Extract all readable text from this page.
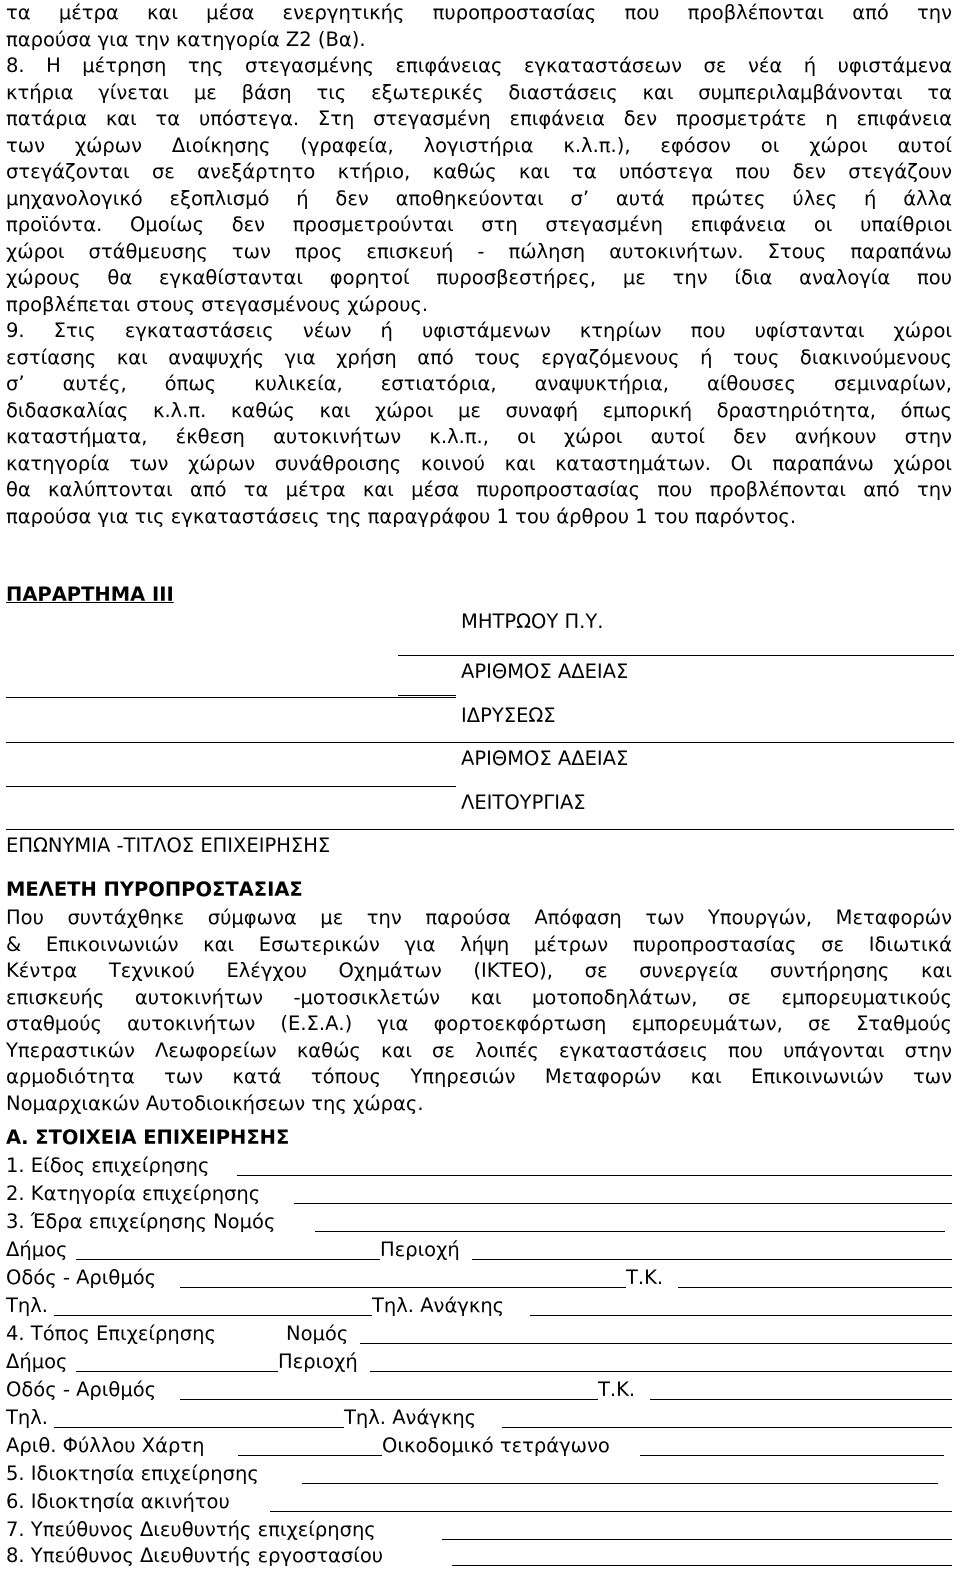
τα μέτρα και μέσα ενεργητικής πυροπροστασίας που προβλέπονται από την
παρούσα για την κατηγορία Ζ2 (Βα).
8. Η μέτρηση της στεγασμένης επιφάνειας εγκαταστάσεων σε νέα ή υφιστάμενα
κτήρια γίνεται με βάση τις εξωτερικές διαστάσεις και συμπεριλαμβάνονται τα
πατάρια και τα υπόστεγα. Στη στεγασμένη επιφάνεια δεν προσμετράτε η επιφάνεια
των χώρων Διοίκησης (γραφεία, λογιστήρια κ.λ.π.), εφόσον οι χώροι αυτοί
στεγάζονται σε ανεξάρτητο κτήριο, καθώς και τα υπόστεγα που δεν στεγάζουν
μηχανολογικό εξοπλισμό ή δεν αποθηκεύονται σ’ αυτά πρώτες ύλες ή άλλα
προϊόντα. Ομοίως δεν προσμετρούνται στη στεγασμένη επιφάνεια οι υπαίθριοι
χώροι στάθμευσης των προς επισκευή - πώληση αυτοκινήτων. Στους παραπάνω
χώρους θα εγκαθίστανται φορητοί πυροσβεστήρες, με την ίδια αναλογία που
προβλέπεται στους στεγασμένους χώρους.
9. Στις εγκαταστάσεις νέων ή υφιστάμενων κτηρίων που υφίστανται χώροι
εστίασης και αναψυχής για χρήση από τους εργαζόμενους ή τους διακινούμενους
σ’ αυτές, όπως κυλικεία, εστιατόρια, αναψυκτήρια, αίθουσες σεμιναρίων,
διδασκαλίας κ.λ.π. καθώς και χώροι με συναφή εμπορική δραστηριότητα, όπως
καταστήματα, έκθεση αυτοκινήτων κ.λ.π., οι χώροι αυτοί δεν ανήκουν στην
κατηγορία των χώρων συνάθροισης κοινού και καταστημάτων. Οι παραπάνω χώροι
θα καλύπτονται από τα μέτρα και μέσα πυροπροστασίας που προβλέπονται από την
παρούσα για τις εγκαταστάσεις της παραγράφου 1 του άρθρου 1 του παρόντος.
ΠΑΡΑΡΤΗΜΑ ΙΙΙ
ΜΗΤΡΩΟΥ Π.Υ.
ΑΡΙΘΜΟΣ ΑΔΕΙΑΣ
ΙΔΡΥΣΕΩΣ
ΑΡΙΘΜΟΣ ΑΔΕΙΑΣ
ΛΕΙΤΟΥΡΓΙΑΣ
ΕΠΩΝΥΜΙΑ -ΤΙΤΛΟΣ ΕΠΙΧΕΙΡΗΣΗΣ
ΜΕΛΕΤΗ ΠΥΡΟΠΡΟΣΤΑΣΙΑΣ
Που συντάχθηκε σύμφωνα με την παρούσα Απόφαση των Υπουργών, Μεταφορών
& Επικοινωνιών και Εσωτερικών για λήψη μέτρων πυροπροστασίας σε Ιδιωτικά
Κέντρα Τεχνικού Ελέγχου Οχημάτων (ΙΚΤΕΟ), σε συνεργεία συντήρησης και
επισκευής αυτοκινήτων -μοτοσικλετών και μοτοποδηλάτων, σε εμπορευματικούς
σταθμούς αυτοκινήτων (Ε.Σ.Α.) για φορτοεκφόρτωση εμπορευμάτων, σε Σταθμούς
Υπεραστικών Λεωφορείων καθώς και σε λοιπές εγκαταστάσεις που υπάγονται στην
αρμοδιότητα των κατά τόπους Υπηρεσιών Μεταφορών και Επικοινωνιών των
Νομαρχιακών Αυτοδιοικήσεων της χώρας.
Α. ΣΤΟΙΧΕΙΑ ΕΠΙΧΕΙΡΗΣΗΣ
1. Είδος επιχείρησης
2. Κατηγορία επιχείρησης
3. Έδρα επιχείρησης Νομός
Δήμος	Περιοχή
Οδός - Αριθμός	Τ.Κ.
Τηλ.	Τηλ. Ανάγκης
4. Τόπος Επιχείρησης	Νομός
Δήμος	Περιοχή
Οδός - Αριθμός	Τ.Κ.
Τηλ.	Τηλ. Ανάγκης
Αριθ. Φύλλου Χάρτη	Οικοδομικό τετράγωνο
5. Ιδιοκτησία επιχείρησης
6. Ιδιοκτησία ακινήτου
7. Υπεύθυνος Διευθυντής επιχείρησης
8. Υπεύθυνος Διευθυντής εργοστασίου
